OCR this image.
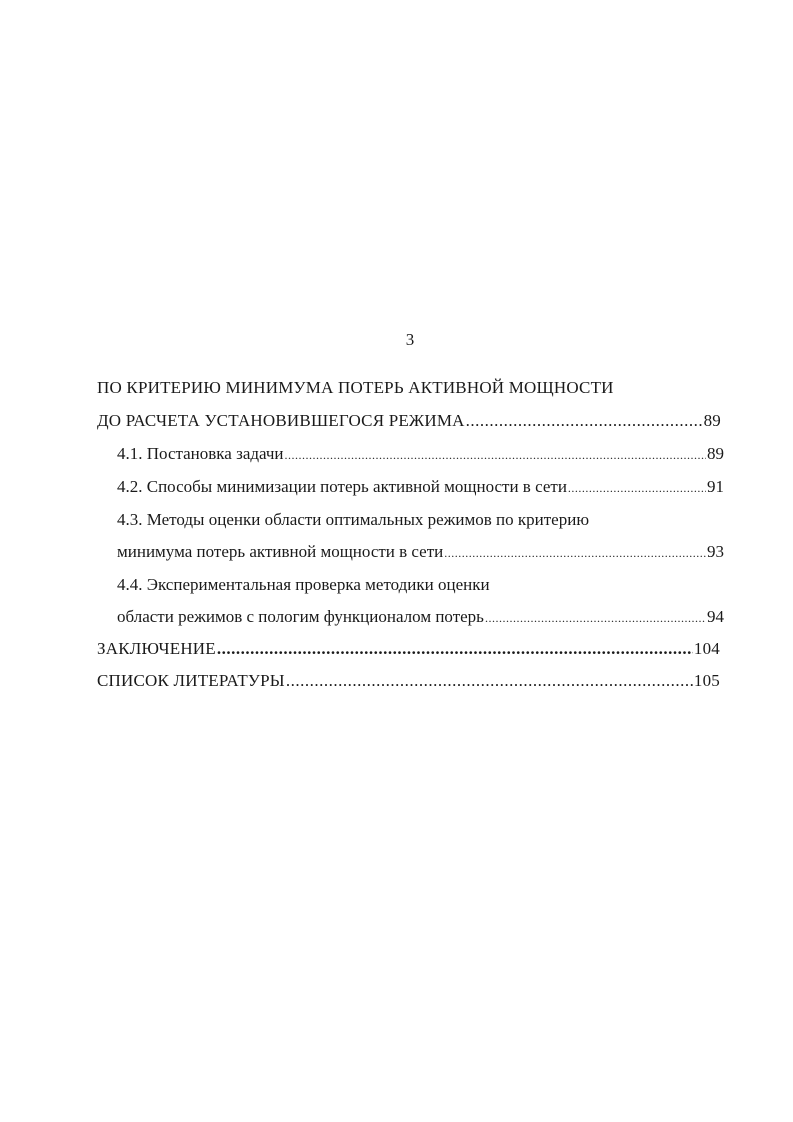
3
ПО КРИТЕРИЮ МИНИМУМА ПОТЕРЬ АКТИВНОЙ МОЩНОСТИ
ДО РАСЧЕТА УСТАНОВИВШЕГОСЯ РЕЖИМА .....	89
4.1. Постановка задачи .....	89
4.2. Способы минимизации потерь активной мощности в сети .....	91
4.3. Методы оценки области оптимальных режимов по критерию
минимума потерь активной мощности в сети .....	93
4.4. Экспериментальная проверка методики оценки
области режимов с пологим функционалом потерь .....	94
ЗАКЛЮЧЕНИЕ .....	104
СПИСОК ЛИТЕРАТУРЫ .....	105
